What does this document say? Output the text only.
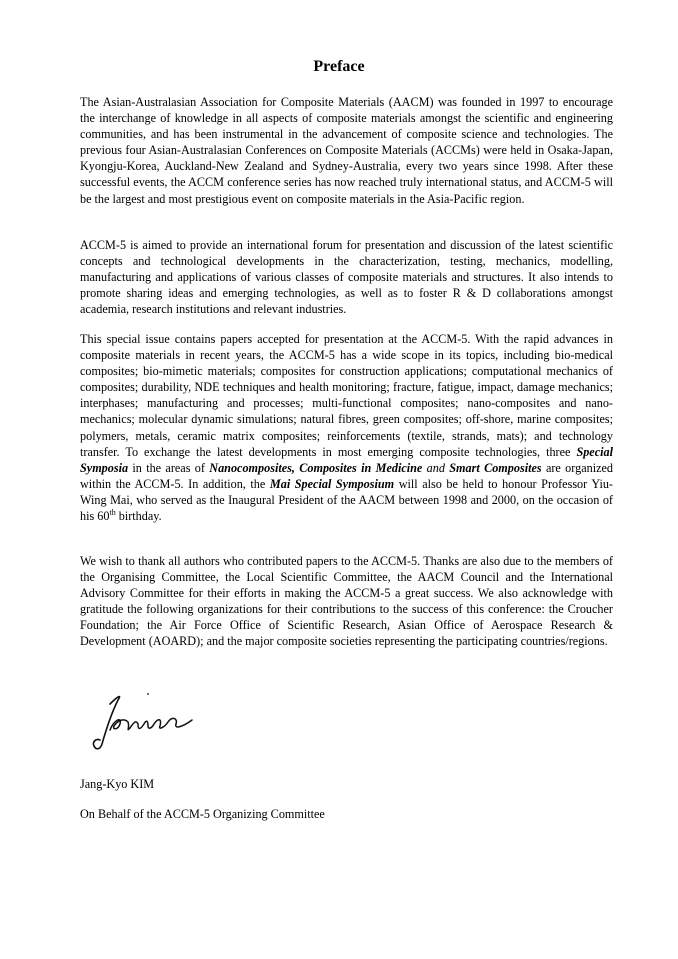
Preface

The Asian-Australasian Association for Composite Materials (AACM) was founded in 1997 to encourage the interchange of knowledge in all aspects of composite materials amongst the scientific and engineering communities, and has been instrumental in the advancement of composite science and technologies. The previous four Asian-Australasian Conferences on Composite Materials (ACCMs) were held in Osaka-Japan, Kyongju-Korea, Auckland-New Zealand and Sydney-Australia, every two years since 1998. After these successful events, the ACCM conference series has now reached truly international status, and ACCM-5 will be the largest and most prestigious event on composite materials in the Asia-Pacific region.

ACCM-5 is aimed to provide an international forum for presentation and discussion of the latest scientific concepts and technological developments in the characterization, testing, mechanics, modelling, manufacturing and applications of various classes of composite materials and structures. It also intends to promote sharing ideas and emerging technologies, as well as to foster R & D collaborations amongst academia, research institutions and relevant industries.

This special issue contains papers accepted for presentation at the ACCM-5. With the rapid advances in composite materials in recent years, the ACCM-5 has a wide scope in its topics, including bio-medical composites; bio-mimetic materials; composites for construction applications; computational mechanics of composites; durability, NDE techniques and health monitoring; fracture, fatigue, impact, damage mechanics; interphases; manufacturing and processes; multi-functional composites; nano-composites and nano-mechanics; molecular dynamic simulations; natural fibres, green composites; off-shore, marine composites; polymers, metals, ceramic matrix composites; reinforcements (textile, strands, mats); and technology transfer. To exchange the latest developments in most emerging composite technologies, three Special Symposia in the areas of Nanocomposites, Composites in Medicine and Smart Composites are organized within the ACCM-5. In addition, the Mai Special Symposium will also be held to honour Professor Yiu-Wing Mai, who served as the Inaugural President of the AACM between 1998 and 2000, on the occasion of his 60th birthday.

We wish to thank all authors who contributed papers to the ACCM-5. Thanks are also due to the members of the Organising Committee, the Local Scientific Committee, the AACM Council and the International Advisory Committee for their efforts in making the ACCM-5 a great success. We also acknowledge with gratitude the following organizations for their contributions to the success of this conference: the Croucher Foundation; the Air Force Office of Scientific Research, Asian Office of Aerospace Research & Development (AOARD); and the major composite societies representing the participating countries/regions.

Jang-Kyo KIM

On Behalf of the ACCM-5 Organizing Committee
